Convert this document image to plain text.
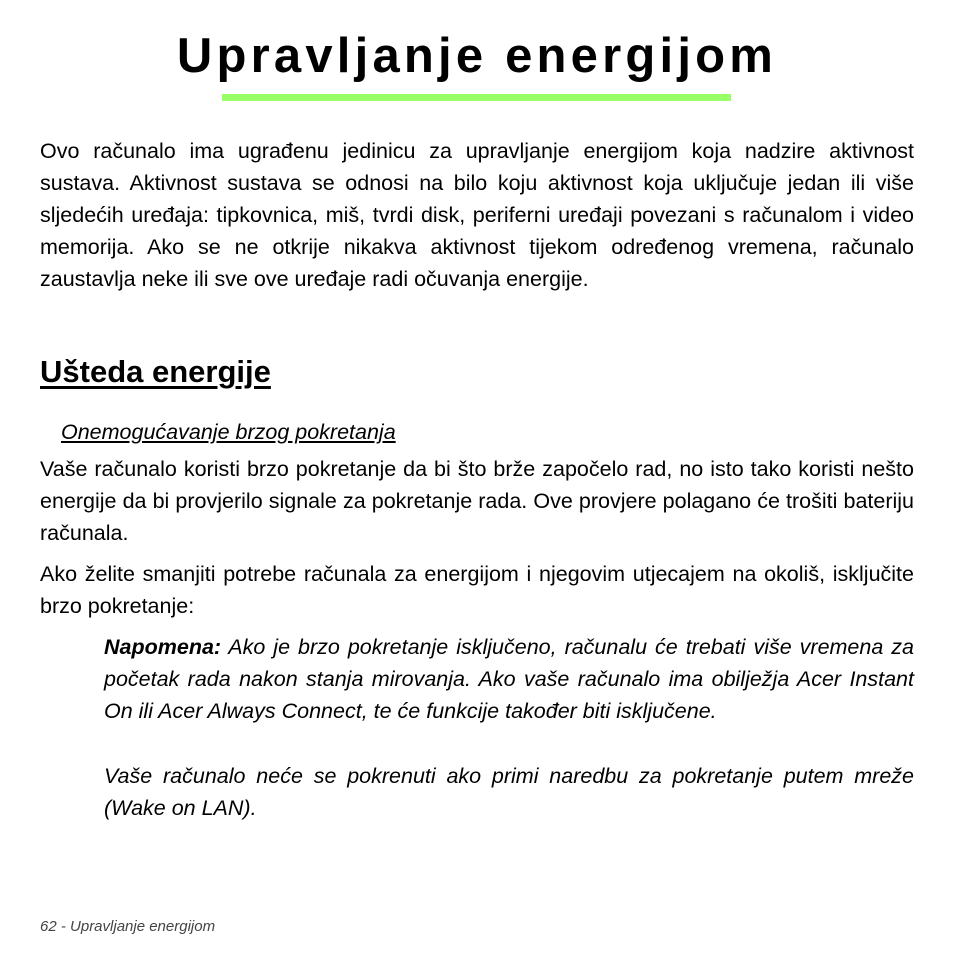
Upravljanje energijom

Ovo računalo ima ugrađenu jedinicu za upravljanje energijom koja nadzire aktivnost sustava. Aktivnost sustava se odnosi na bilo koju aktivnost koja uključuje jedan ili više sljedećih uređaja: tipkovnica, miš, tvrdi disk, periferni uređaji povezani s računalom i video memorija. Ako se ne otkrije nikakva aktivnost tijekom određenog vremena, računalo zaustavlja neke ili sve ove uređaje radi očuvanja energije.

Ušteda energije

Onemogućavanje brzog pokretanja

Vaše računalo koristi brzo pokretanje da bi što brže započelo rad, no isto tako koristi nešto energije da bi provjerilo signale za pokretanje rada. Ove provjere polagano će trošiti bateriju računala.

Ako želite smanjiti potrebe računala za energijom i njegovim utjecajem na okoliš, isključite brzo pokretanje:

Napomena: Ako je brzo pokretanje isključeno, računalu će trebati više vremena za početak rada nakon stanja mirovanja. Ako vaše računalo ima obilježja Acer Instant On ili Acer Always Connect, te će funkcije također biti isključene.

Vaše računalo neće se pokrenuti ako primi naredbu za pokretanje putem mreže (Wake on LAN).

62 - Upravljanje energijom
